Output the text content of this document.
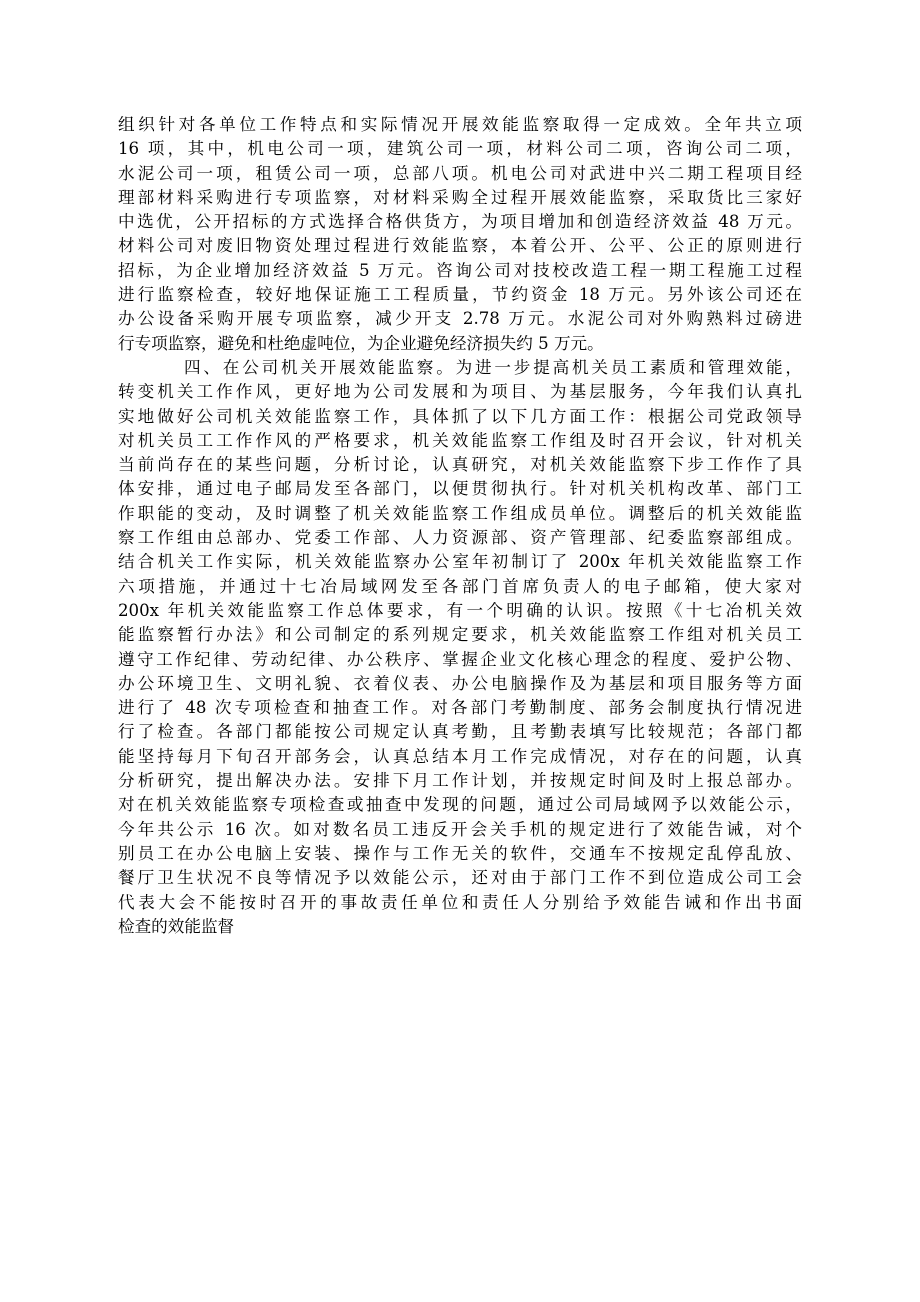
组织针对各单位工作特点和实际情况开展效能监察取得一定成效。全年共立项
16 项，其中，机电公司一项，建筑公司一项，材料公司二项，咨询公司二项，
水泥公司一项，租赁公司一项，总部八项。机电公司对武进中兴二期工程项目经
理部材料采购进行专项监察，对材料采购全过程开展效能监察，采取货比三家好
中选优，公开招标的方式选择合格供货方，为项目增加和创造经济效益 48 万元。
材料公司对废旧物资处理过程进行效能监察，本着公开、公平、公正的原则进行
招标，为企业增加经济效益 5 万元。咨询公司对技校改造工程一期工程施工过程
进行监察检查，较好地保证施工工程质量，节约资金 18 万元。另外该公司还在
办公设备采购开展专项监察，减少开支 2.78 万元。水泥公司对外购熟料过磅进
行专项监察，避免和杜绝虚吨位，为企业避免经济损失约 5 万元。
四、在公司机关开展效能监察。为进一步提高机关员工素质和管理效能，
转变机关工作作风，更好地为公司发展和为项目、为基层服务，今年我们认真扎
实地做好公司机关效能监察工作，具体抓了以下几方面工作：根据公司党政领导
对机关员工工作作风的严格要求，机关效能监察工作组及时召开会议，针对机关
当前尚存在的某些问题，分析讨论，认真研究，对机关效能监察下步工作作了具
体安排，通过电子邮局发至各部门，以便贯彻执行。针对机关机构改革、部门工
作职能的变动，及时调整了机关效能监察工作组成员单位。调整后的机关效能监
察工作组由总部办、党委工作部、人力资源部、资产管理部、纪委监察部组成。
结合机关工作实际，机关效能监察办公室年初制订了 200x 年机关效能监察工作
六项措施，并通过十七冶局域网发至各部门首席负责人的电子邮箱，使大家对
200x 年机关效能监察工作总体要求，有一个明确的认识。按照《十七冶机关效
能监察暂行办法》和公司制定的系列规定要求，机关效能监察工作组对机关员工
遵守工作纪律、劳动纪律、办公秩序、掌握企业文化核心理念的程度、爱护公物、
办公环境卫生、文明礼貌、衣着仪表、办公电脑操作及为基层和项目服务等方面
进行了 48 次专项检查和抽查工作。对各部门考勤制度、部务会制度执行情况进
行了检查。各部门都能按公司规定认真考勤，且考勤表填写比较规范；各部门都
能坚持每月下旬召开部务会，认真总结本月工作完成情况，对存在的问题，认真
分析研究，提出解决办法。安排下月工作计划，并按规定时间及时上报总部办。
对在机关效能监察专项检查或抽查中发现的问题，通过公司局域网予以效能公示，
今年共公示 16 次。如对数名员工违反开会关手机的规定进行了效能告诫，对个
别员工在办公电脑上安装、操作与工作无关的软件，交通车不按规定乱停乱放、
餐厅卫生状况不良等情况予以效能公示，还对由于部门工作不到位造成公司工会
代表大会不能按时召开的事故责任单位和责任人分别给予效能告诫和作出书面
检查的效能监督
